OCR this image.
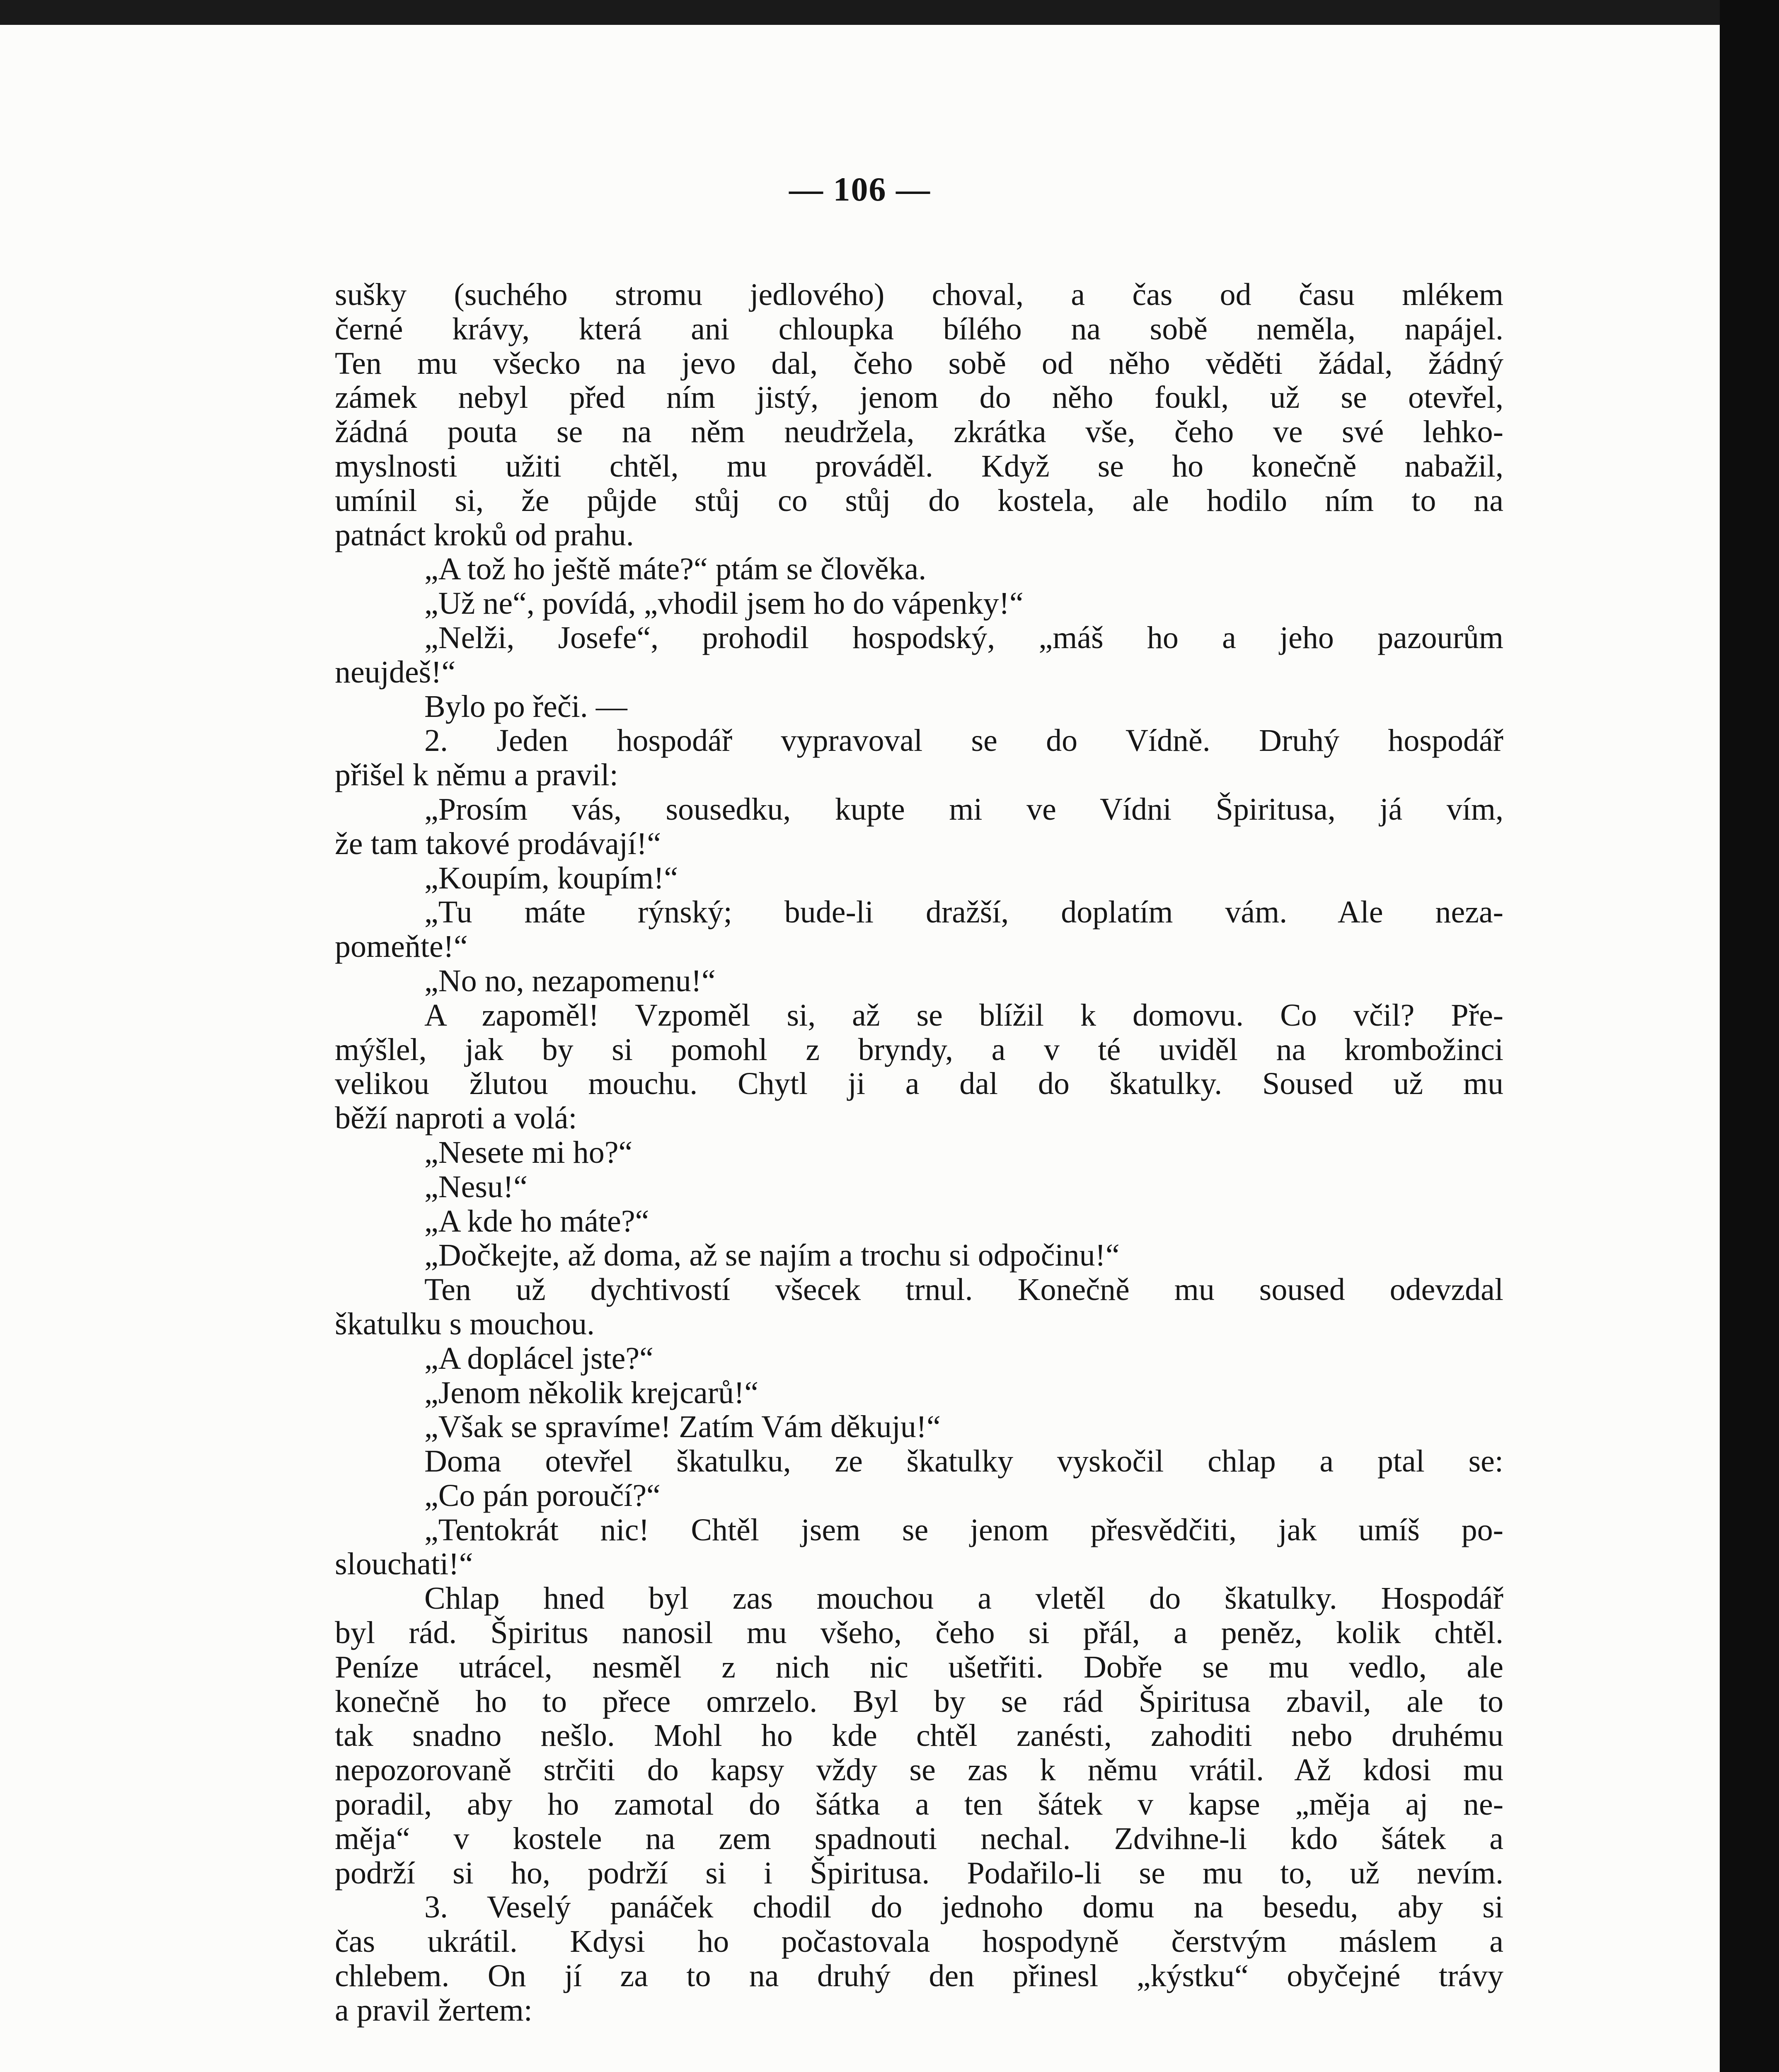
— 106 —
sušky (suchého stromu jedlového) choval, a čas od času mlékem
černé krávy, která ani chloupka bílého na sobě neměla, napájel.
Ten mu všecko na jevo dal, čeho sobě od něho věděti žádal, žádný
zámek nebyl před ním jistý, jenom do něho foukl, už se otevřel,
žádná pouta se na něm neudržela, zkrátka vše, čeho ve své lehko-
myslnosti užiti chtěl, mu prováděl. Když se ho konečně nabažil,
umínil si, že půjde stůj co stůj do kostela, ale hodilo ním to na
patnáct kroků od prahu.
„A tož ho ještě máte?“ ptám se člověka.
„Už ne“, povídá, „vhodil jsem ho do vápenky!“
„Nelži, Josefe“, prohodil hospodský, „máš ho a jeho pazourům
neujdeš!“
Bylo po řeči. —
2. Jeden hospodář vypravoval se do Vídně. Druhý hospodář
přišel k němu a pravil:
„Prosím vás, sousedku, kupte mi ve Vídni Špiritusa, já vím,
že tam takové prodávají!“
„Koupím, koupím!“
„Tu máte rýnský; bude-li dražší, doplatím vám. Ale neza-
pomeňte!“
„No no, nezapomenu!“
A zapoměl! Vzpoměl si, až se blížil k domovu. Co včil? Pře-
mýšlel, jak by si pomohl z bryndy, a v té uviděl na krombožinci
velikou žlutou mouchu. Chytl ji a dal do škatulky. Soused už mu
běží naproti a volá:
„Nesete mi ho?“
„Nesu!“
„A kde ho máte?“
„Dočkejte, až doma, až se najím a trochu si odpočinu!“
Ten už dychtivostí všecek trnul. Konečně mu soused odevzdal
škatulku s mouchou.
„A doplácel jste?“
„Jenom několik krejcarů!“
„Však se spravíme! Zatím Vám děkuju!“
Doma otevřel škatulku, ze škatulky vyskočil chlap a ptal se:
„Co pán poroučí?“
„Tentokrát nic! Chtěl jsem se jenom přesvědčiti, jak umíš po-
slouchati!“
Chlap hned byl zas mouchou a vletěl do škatulky. Hospodář
byl rád. Špiritus nanosil mu všeho, čeho si přál, a peněz, kolik chtěl.
Peníze utrácel, nesměl z nich nic ušetřiti. Dobře se mu vedlo, ale
konečně ho to přece omrzelo. Byl by se rád Špiritusa zbavil, ale to
tak snadno nešlo. Mohl ho kde chtěl zanésti, zahoditi nebo druhému
nepozorovaně strčiti do kapsy vždy se zas k němu vrátil. Až kdosi mu
poradil, aby ho zamotal do šátka a ten šátek v kapse „měja aj ne-
měja“ v kostele na zem spadnouti nechal. Zdvihne-li kdo šátek a
podrží si ho, podrží si i Špiritusa. Podařilo-li se mu to, už nevím.
3. Veselý panáček chodil do jednoho domu na besedu, aby si
čas ukrátil. Kdysi ho počastovala hospodyně čerstvým máslem a
chlebem. On jí za to na druhý den přinesl „kýstku“ obyčejné trávy
a pravil žertem:
